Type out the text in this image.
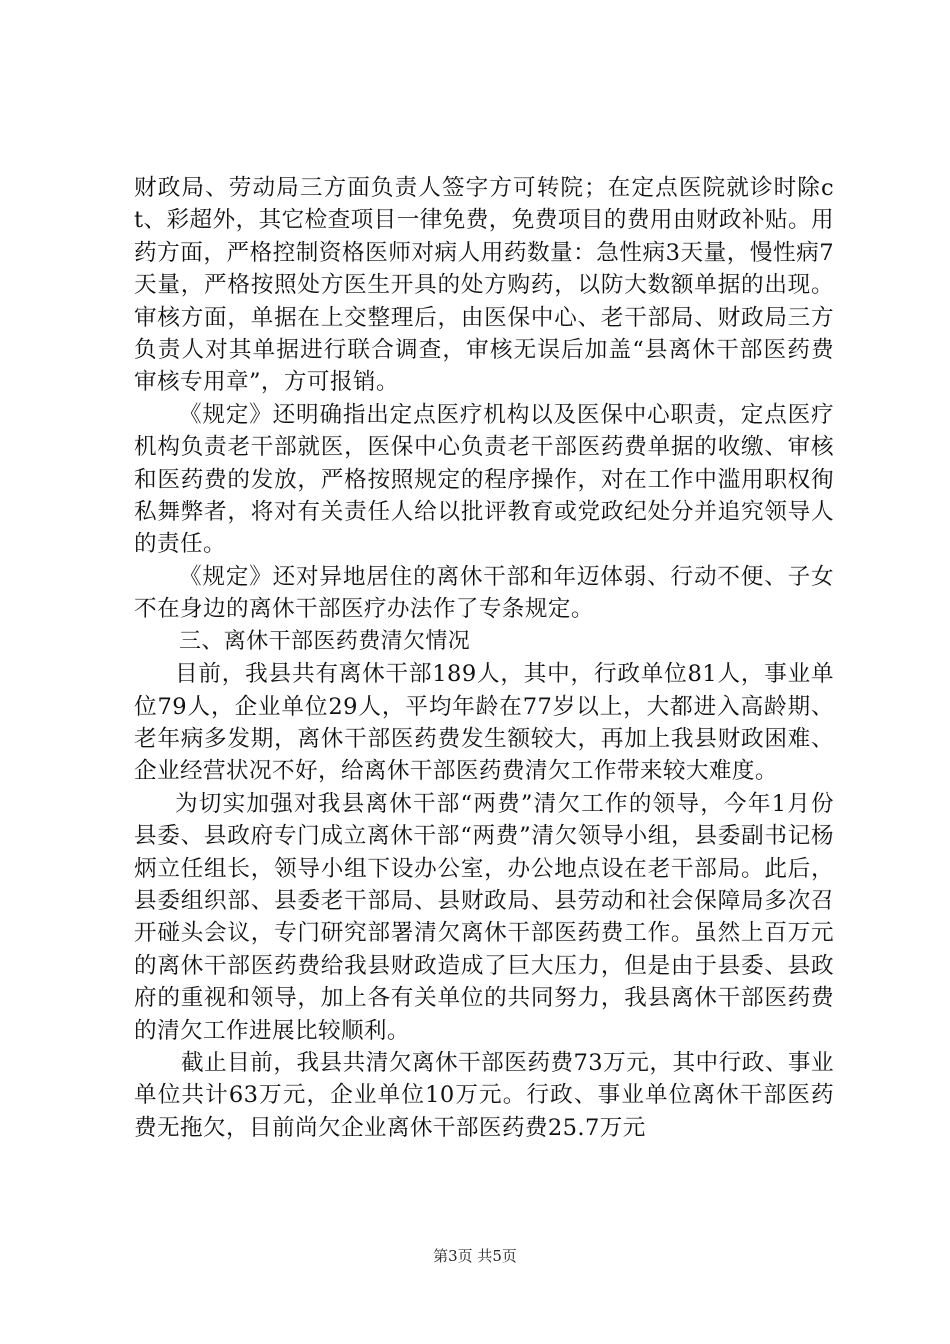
财政局、劳动局三方面负责人签字方可转院；在定点医院就诊时除ct、彩超外，其它检查项目一律免费，免费项目的费用由财政补贴。用药方面，严格控制资格医师对病人用药数量：急性病3天量，慢性病7天量，严格按照处方医生开具的处方购药，以防大数额单据的出现。审核方面，单据在上交整理后，由医保中心、老干部局、财政局三方负责人对其单据进行联合调查，审核无误后加盖“县离休干部医药费审核专用章”，方可报销。

《规定》还明确指出定点医疗机构以及医保中心职责，定点医疗机构负责老干部就医，医保中心负责老干部医药费单据的收缴、审核和医药费的发放，严格按照规定的程序操作，对在工作中滥用职权徇私舞弊者，将对有关责任人给以批评教育或党政纪处分并追究领导人的责任。

《规定》还对异地居住的离休干部和年迈体弱、行动不便、子女不在身边的离休干部医疗办法作了专条规定。

三、离休干部医药费清欠情况

目前，我县共有离休干部189人，其中，行政单位81人，事业单位79人，企业单位29人，平均年龄在77岁以上，大都进入高龄期、老年病多发期，离休干部医药费发生额较大，再加上我县财政困难、企业经营状况不好，给离休干部医药费清欠工作带来较大难度。

为切实加强对我县离休干部“两费”清欠工作的领导，今年1月份县委、县政府专门成立离休干部“两费”清欠领导小组，县委副书记杨炳立任组长，领导小组下设办公室，办公地点设在老干部局。此后，县委组织部、县委老干部局、县财政局、县劳动和社会保障局多次召开碰头会议，专门研究部署清欠离休干部医药费工作。虽然上百万元的离休干部医药费给我县财政造成了巨大压力，但是由于县委、县政府的重视和领导，加上各有关单位的共同努力，我县离休干部医药费的清欠工作进展比较顺利。

截止目前，我县共清欠离休干部医药费73万元，其中行政、事业单位共计63万元，企业单位10万元。行政、事业单位离休干部医药费无拖欠，目前尚欠企业离休干部医药费25.7万元

第3页 共5页
